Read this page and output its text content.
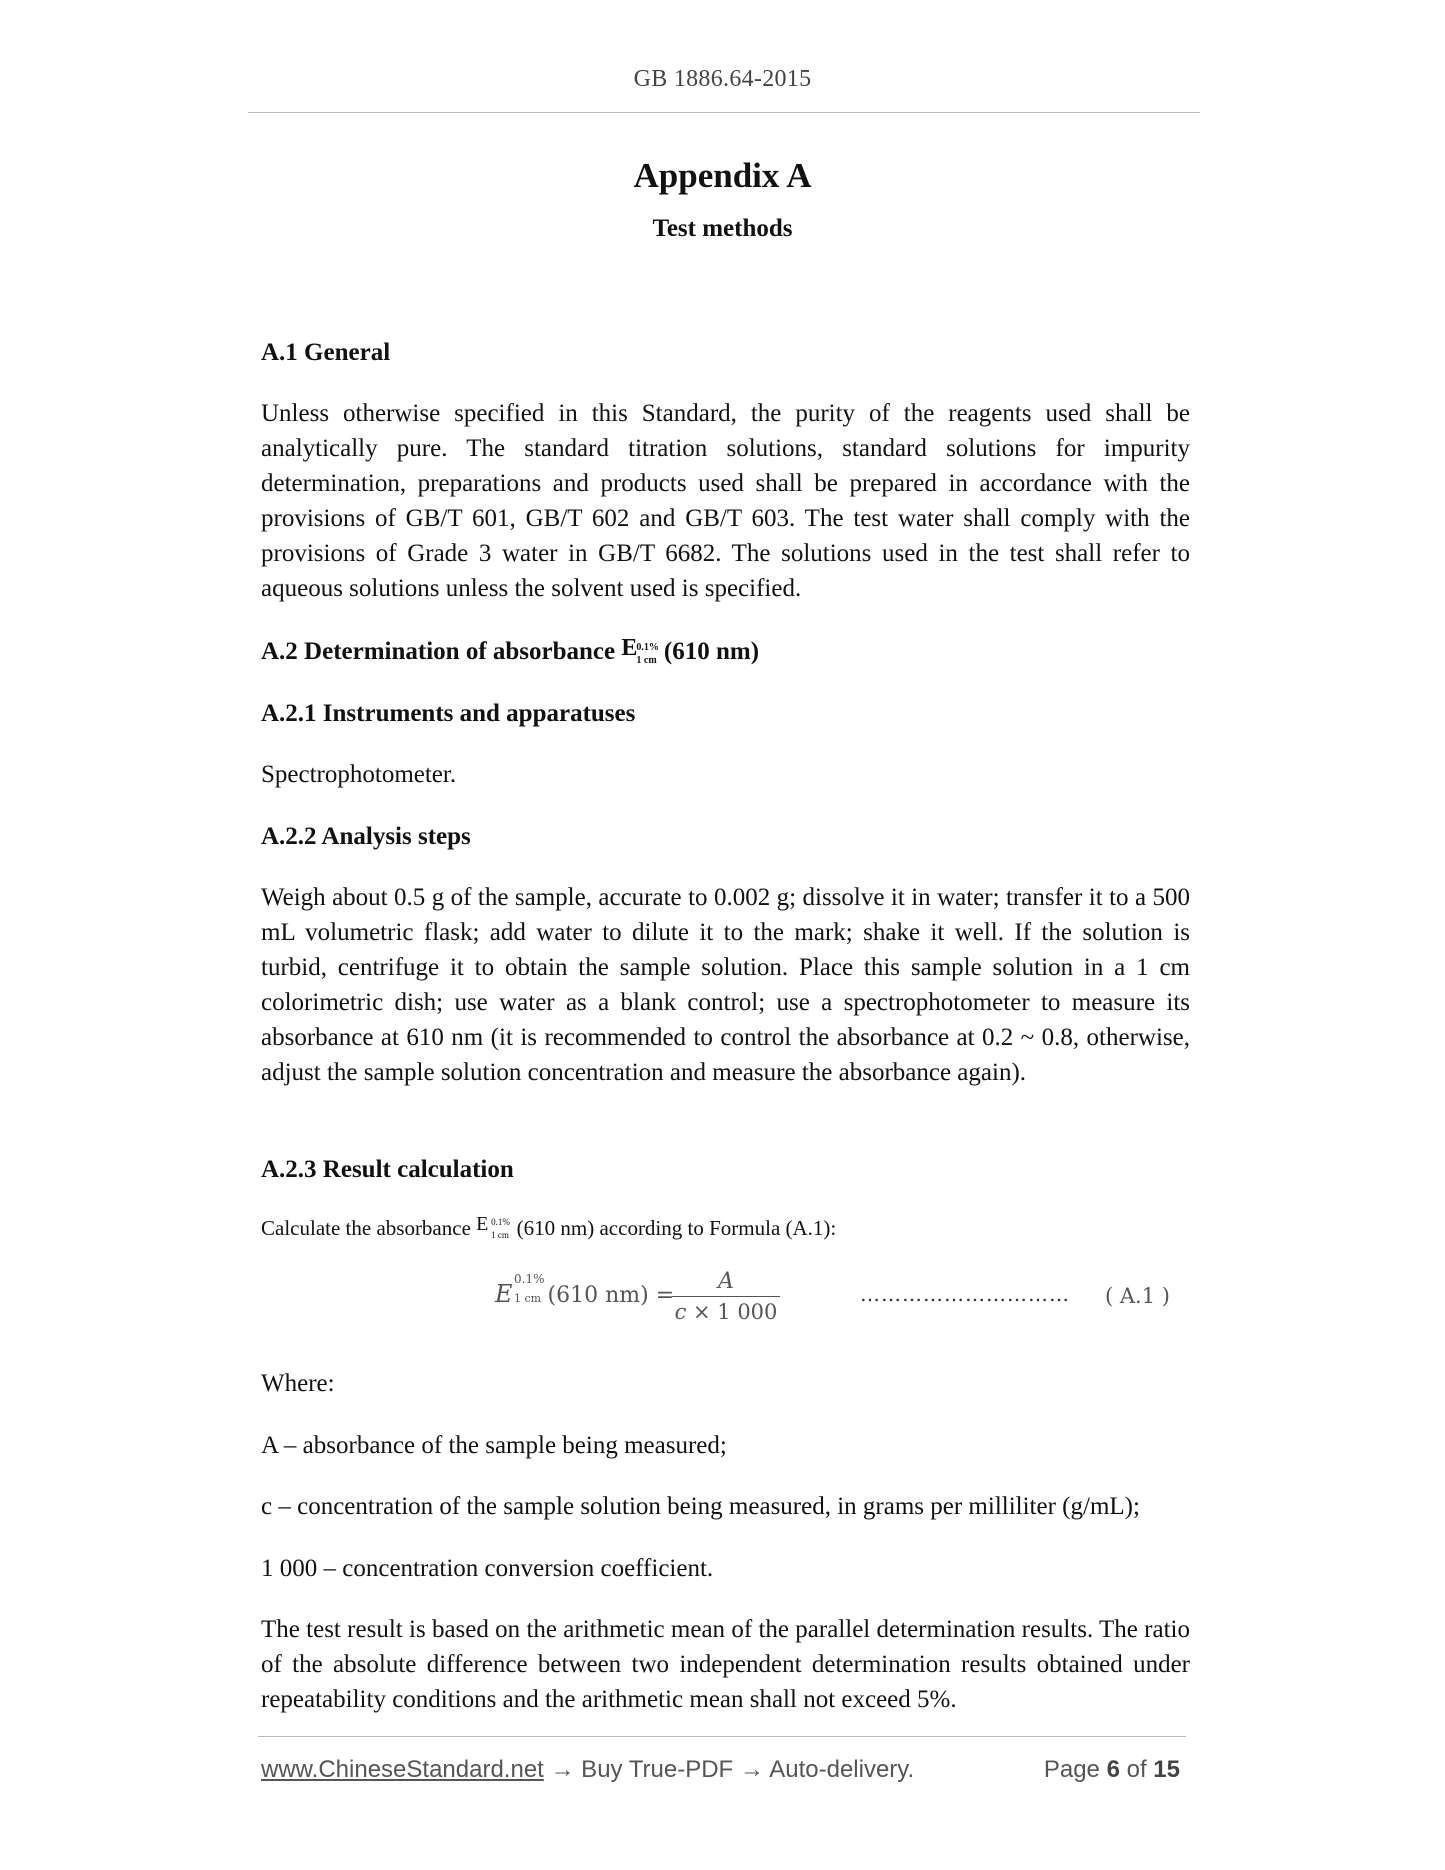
GB 1886.64-2015
Appendix A
Test methods
A.1 General
Unless otherwise specified in this Standard, the purity of the reagents used shall be analytically pure. The standard titration solutions, standard solutions for impurity determination, preparations and products used shall be prepared in accordance with the provisions of GB/T 601, GB/T 602 and GB/T 603. The test water shall comply with the provisions of Grade 3 water in GB/T 6682. The solutions used in the test shall refer to aqueous solutions unless the solvent used is specified.
A.2 Determination of absorbance E
0.1%
1 cm (610 nm)
A.2.1 Instruments and apparatuses
Spectrophotometer.
A.2.2 Analysis steps
Weigh about 0.5 g of the sample, accurate to 0.002 g; dissolve it in water; transfer it to a 500 mL volumetric flask; add water to dilute it to the mark; shake it well. If the solution is turbid, centrifuge it to obtain the sample solution. Place this sample solution in a 1 cm colorimetric dish; use water as a blank control; use a spectrophotometer to measure its absorbance at 610 nm (it is recommended to control the absorbance at 0.2 ~ 0.8, otherwise, adjust the sample solution concentration and measure the absorbance again).
A.2.3 Result calculation
Calculate the absorbance E 0.1%
1 cm (610 nm) according to Formula (A.1):
E
0.1%
1 cm (610 nm) =
A
c × 1 000
………………………… ( A.1 )
Where:
A – absorbance of the sample being measured;
c – concentration of the sample solution being measured, in grams per milliliter (g/mL);
1 000 – concentration conversion coefficient.
The test result is based on the arithmetic mean of the parallel determination results. The ratio of the absolute difference between two independent determination results obtained under repeatability conditions and the arithmetic mean shall not exceed 5%.
www.ChineseStandard.net → Buy True-PDF → Auto-delivery.	Page 6 of 15
